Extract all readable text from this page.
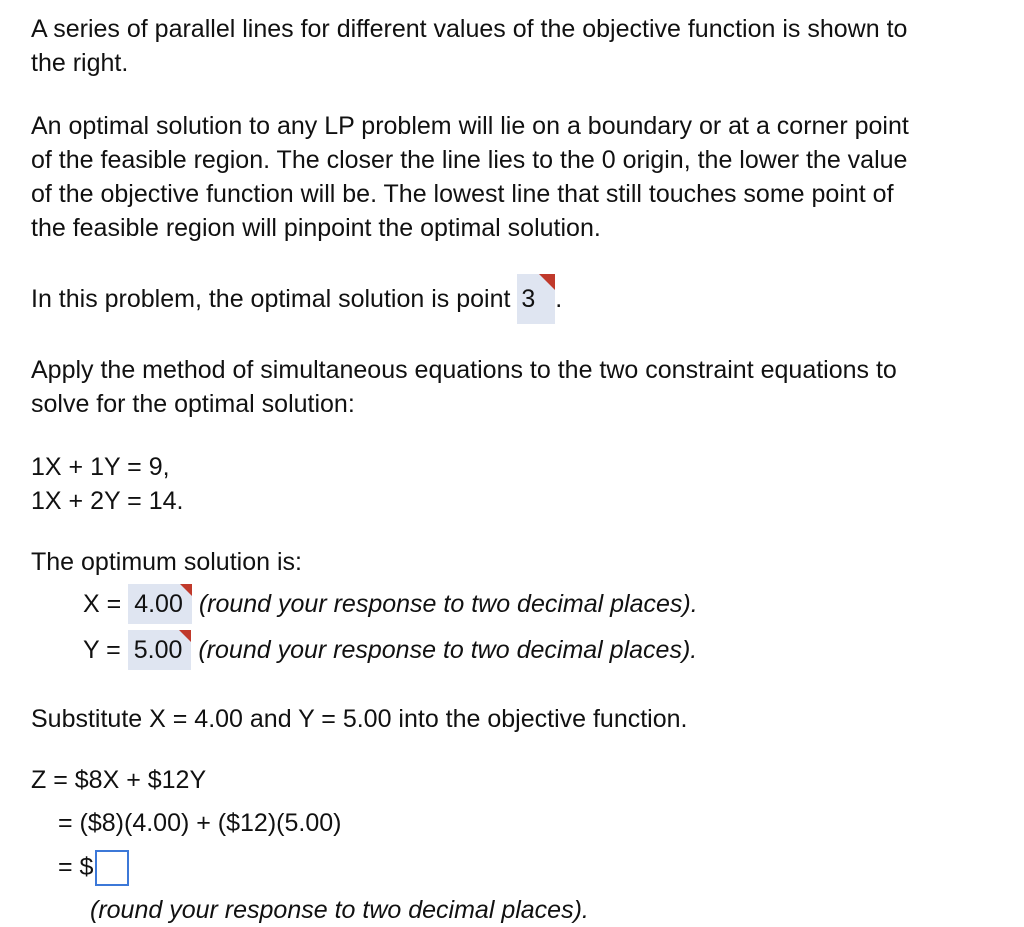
A series of parallel lines for different values of the objective function is shown to
the right.
An optimal solution to any LP problem will lie on a boundary or at a corner point
of the feasible region. The closer the line lies to the 0 origin, the lower the value
of the objective function will be. The lowest line that still touches some point of
the feasible region will pinpoint the optimal solution.
In this problem, the optimal solution is point 3 .
Apply the method of simultaneous equations to the two constraint equations to
solve for the optimal solution:
1X + 1Y = 9,
1X + 2Y = 14.
The optimum solution is:
X = 4.00 (round your response to two decimal places).
Y = 5.00 (round your response to two decimal places).
Substitute X = 4.00 and Y = 5.00 into the objective function.
Z = $8X + $12Y
= ($8)(4.00) + ($12)(5.00)
= $
(round your response to two decimal places).
